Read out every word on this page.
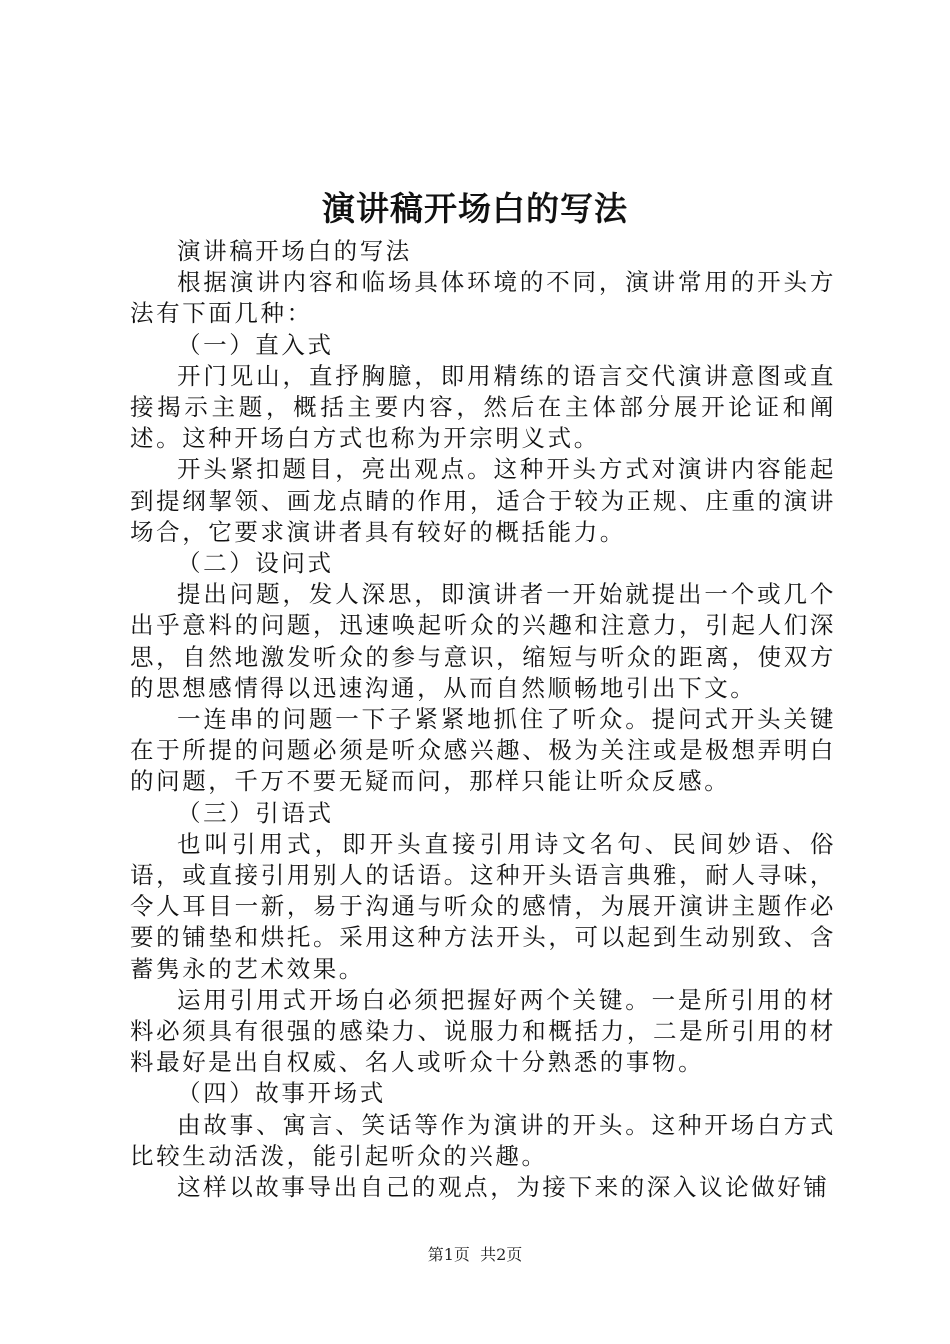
演讲稿开场白的写法

演讲稿开场白的写法

根据演讲内容和临场具体环境的不同，演讲常用的开头方法有下面几种：

（一）直入式

开门见山，直抒胸臆，即用精练的语言交代演讲意图或直接揭示主题，概括主要内容，然后在主体部分展开论证和阐述。这种开场白方式也称为开宗明义式。

开头紧扣题目，亮出观点。这种开头方式对演讲内容能起到提纲挈领、画龙点睛的作用，适合于较为正规、庄重的演讲场合，它要求演讲者具有较好的概括能力。

（二）设问式

提出问题，发人深思，即演讲者一开始就提出一个或几个出乎意料的问题，迅速唤起听众的兴趣和注意力，引起人们深思，自然地激发听众的参与意识，缩短与听众的距离，使双方的思想感情得以迅速沟通，从而自然顺畅地引出下文。

一连串的问题一下子紧紧地抓住了听众。提问式开头关键在于所提的问题必须是听众感兴趣、极为关注或是极想弄明白的问题，千万不要无疑而问，那样只能让听众反感。

（三）引语式

也叫引用式，即开头直接引用诗文名句、民间妙语、俗语，或直接引用别人的话语。这种开头语言典雅，耐人寻味，令人耳目一新，易于沟通与听众的感情，为展开演讲主题作必要的铺垫和烘托。采用这种方法开头，可以起到生动别致、含蓄隽永的艺术效果。

运用引用式开场白必须把握好两个关键。一是所引用的材料必须具有很强的感染力、说服力和概括力，二是所引用的材料最好是出自权威、名人或听众十分熟悉的事物。

（四）故事开场式

由故事、寓言、笑话等作为演讲的开头。这种开场白方式比较生动活泼，能引起听众的兴趣。

这样以故事导出自己的观点，为接下来的深入议论做好铺

第1页 共2页
